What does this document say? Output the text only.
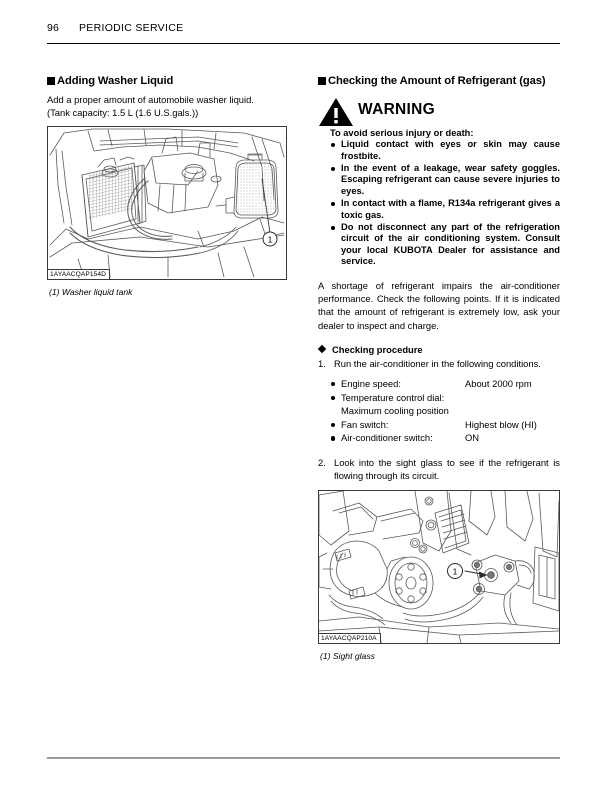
96 PERIODIC SERVICE
Adding Washer Liquid

Add a proper amount of automobile washer liquid.

(Tank capacity: 1.5 L (1.6 U.S.gals.))

1
1AYAACQAP154D
(1) Washer liquid tank
Checking the Amount of Refrigerant (gas)
WARNING

To avoid serious injury or death:

Liquid contact with eyes or skin may cause frostbite.
In the event of a leakage, wear safety goggles. Escaping refrigerant can cause severe injuries to eyes.
In contact with a flame, R134a refrigerant gives a toxic gas.
Do not disconnect any part of the refrigeration circuit of the air conditioning system. Consult your local KUBOTA Dealer for assistance and service.

A shortage of refrigerant impairs the air-conditioner performance. Check the following points. If it is indicated that the amount of refrigerant is extremely low, ask your dealer to inspect and charge.

Checking procedure
1. Run the air-conditioner in the following conditions.
Engine speed:	About 2000 rpm
Temperature control dial:Maximum cooling position
Fan switch:	Highest blow (HI)
Air-conditioner switch:	ON
2. Look into the sight glass to see if the refrigerant is flowing through its circuit.
1
1AYAACQAP210A
(1) Sight glass
